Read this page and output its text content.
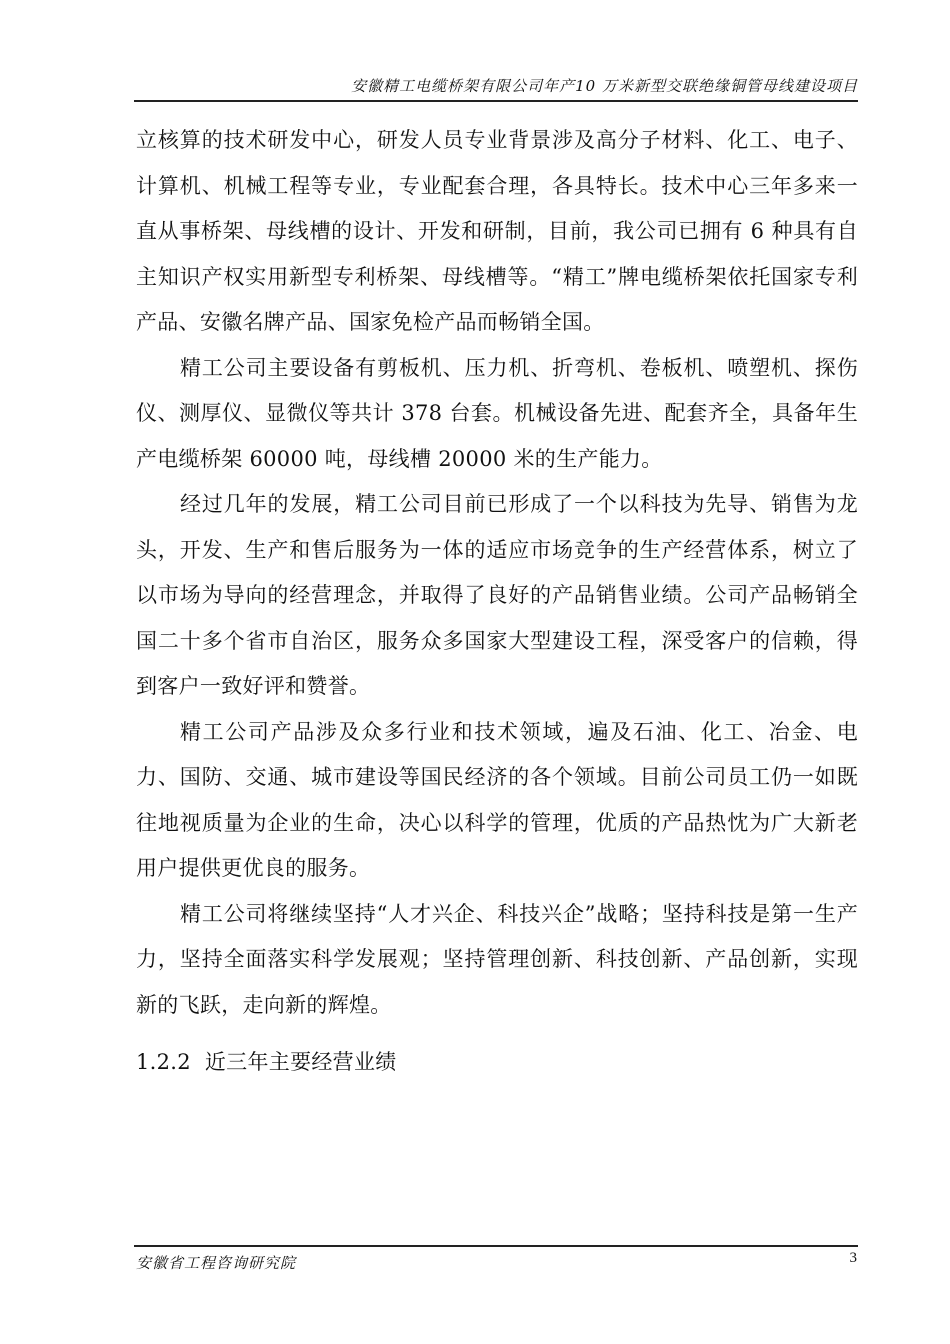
安徽精工电缆桥架有限公司年产10 万米新型交联绝缘铜管母线建设项目

立核算的技术研发中心，研发人员专业背景涉及高分子材料、化工、电子、计算机、机械工程等专业，专业配套合理，各具特长。技术中心三年多来一直从事桥架、母线槽的设计、开发和研制，目前，我公司已拥有 6 种具有自主知识产权实用新型专利桥架、母线槽等。“精工”牌电缆桥架依托国家专利产品、安徽名牌产品、国家免检产品而畅销全国。

精工公司主要设备有剪板机、压力机、折弯机、卷板机、喷塑机、探伤仪、测厚仪、显微仪等共计 378 台套。机械设备先进、配套齐全，具备年生产电缆桥架 60000 吨，母线槽 20000 米的生产能力。

经过几年的发展，精工公司目前已形成了一个以科技为先导、销售为龙头，开发、生产和售后服务为一体的适应市场竞争的生产经营体系，树立了以市场为导向的经营理念，并取得了良好的产品销售业绩。公司产品畅销全国二十多个省市自治区，服务众多国家大型建设工程，深受客户的信赖，得到客户一致好评和赞誉。

精工公司产品涉及众多行业和技术领域，遍及石油、化工、冶金、电力、国防、交通、城市建设等国民经济的各个领域。目前公司员工仍一如既往地视质量为企业的生命，决心以科学的管理，优质的产品热忱为广大新老用户提供更优良的服务。

精工公司将继续坚持“人才兴企、科技兴企”战略；坚持科技是第一生产力，坚持全面落实科学发展观；坚持管理创新、科技创新、产品创新，实现新的飞跃，走向新的辉煌。

1.2.2  近三年主要经营业绩
安徽省工程咨询研究院	3
